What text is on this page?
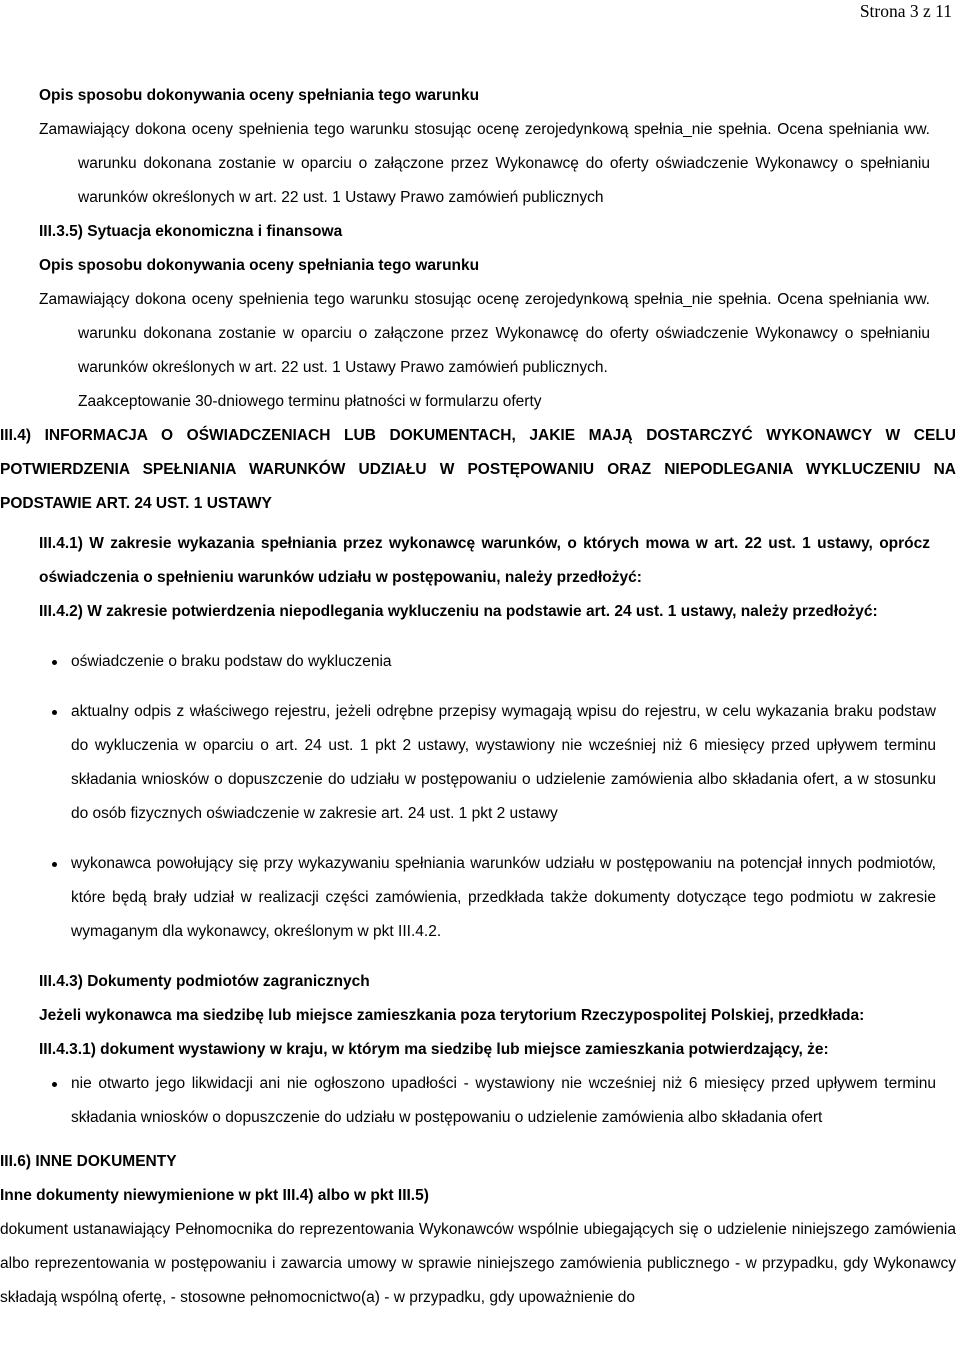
Strona 3 z 11

Opis sposobu dokonywania oceny spełniania tego warunku

Zamawiający dokona oceny spełnienia tego warunku stosując ocenę zerojedynkową spełnia_nie spełnia. Ocena spełniania ww. warunku dokonana zostanie w oparciu o załączone przez Wykonawcę do oferty oświadczenie Wykonawcy o spełnianiu warunków określonych w art. 22 ust. 1 Ustawy Prawo zamówień publicznych

III.3.5) Sytuacja ekonomiczna i finansowa

Opis sposobu dokonywania oceny spełniania tego warunku

Zamawiający dokona oceny spełnienia tego warunku stosując ocenę zerojedynkową spełnia_nie spełnia. Ocena spełniania ww. warunku dokonana zostanie w oparciu o załączone przez Wykonawcę do oferty oświadczenie Wykonawcy o spełnianiu warunków określonych w art. 22 ust. 1 Ustawy Prawo zamówień publicznych.

Zaakceptowanie 30-dniowego terminu płatności w formularzu oferty

III.4) INFORMACJA O OŚWIADCZENIACH LUB DOKUMENTACH, JAKIE MAJĄ DOSTARCZYĆ WYKONAWCY W CELU POTWIERDZENIA SPEŁNIANIA WARUNKÓW UDZIAŁU W POSTĘPOWANIU ORAZ NIEPODLEGANIA WYKLUCZENIU NA PODSTAWIE ART. 24 UST. 1 USTAWY

III.4.1) W zakresie wykazania spełniania przez wykonawcę warunków, o których mowa w art. 22 ust. 1 ustawy, oprócz oświadczenia o spełnieniu warunków udziału w postępowaniu, należy przedłożyć:

III.4.2) W zakresie potwierdzenia niepodlegania wykluczeniu na podstawie art. 24 ust. 1 ustawy, należy przedłożyć:

oświadczenie o braku podstaw do wykluczenia
aktualny odpis z właściwego rejestru, jeżeli odrębne przepisy wymagają wpisu do rejestru, w celu wykazania braku podstaw do wykluczenia w oparciu o art. 24 ust. 1 pkt 2 ustawy, wystawiony nie wcześniej niż 6 miesięcy przed upływem terminu składania wniosków o dopuszczenie do udziału w postępowaniu o udzielenie zamówienia albo składania ofert, a w stosunku do osób fizycznych oświadczenie w zakresie art. 24 ust. 1 pkt 2 ustawy
wykonawca powołujący się przy wykazywaniu spełniania warunków udziału w postępowaniu na potencjał innych podmiotów, które będą brały udział w realizacji części zamówienia, przedkłada także dokumenty dotyczące tego podmiotu w zakresie wymaganym dla wykonawcy, określonym w pkt III.4.2.

III.4.3) Dokumenty podmiotów zagranicznych

Jeżeli wykonawca ma siedzibę lub miejsce zamieszkania poza terytorium Rzeczypospolitej Polskiej, przedkłada:

III.4.3.1) dokument wystawiony w kraju, w którym ma siedzibę lub miejsce zamieszkania potwierdzający, że:

nie otwarto jego likwidacji ani nie ogłoszono upadłości - wystawiony nie wcześniej niż 6 miesięcy przed upływem terminu składania wniosków o dopuszczenie do udziału w postępowaniu o udzielenie zamówienia albo składania ofert

III.6) INNE DOKUMENTY

Inne dokumenty niewymienione w pkt III.4) albo w pkt III.5)

dokument ustanawiający Pełnomocnika do reprezentowania Wykonawców wspólnie ubiegających się o udzielenie niniejszego zamówienia albo reprezentowania w postępowaniu i zawarcia umowy w sprawie niniejszego zamówienia publicznego - w przypadku, gdy Wykonawcy składają wspólną ofertę, - stosowne pełnomocnictwo(a) - w przypadku, gdy upoważnienie do
